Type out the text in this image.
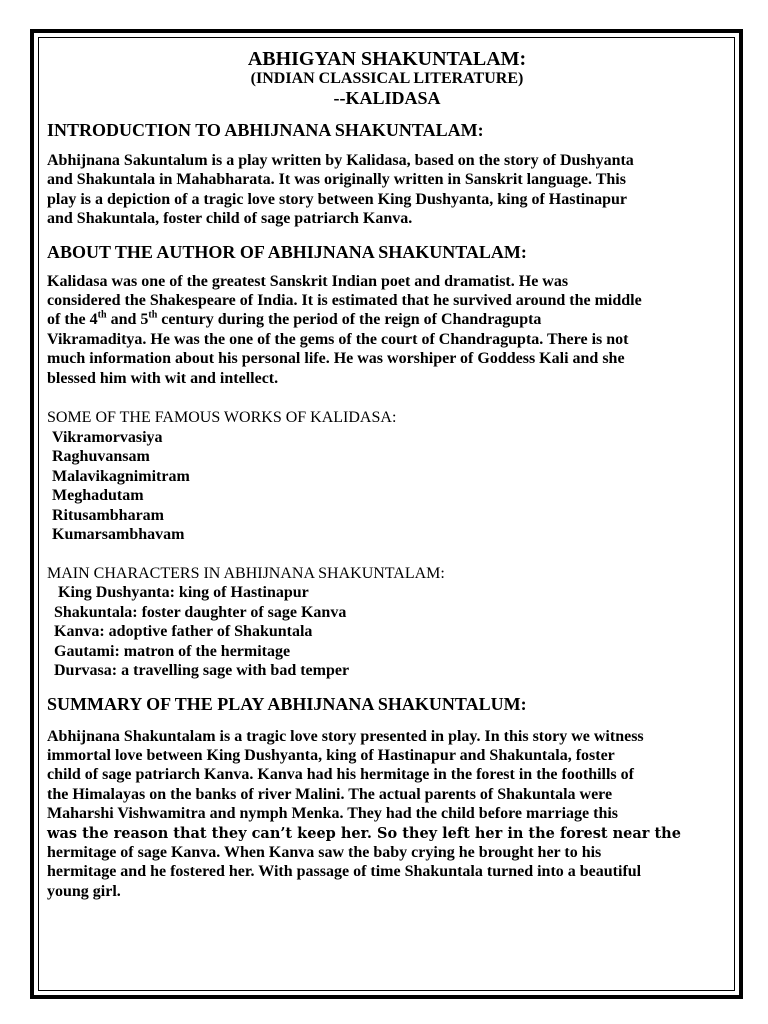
ABHIGYAN SHAKUNTALAM:
(INDIAN CLASSICAL LITERATURE)
--KALIDASA
INTRODUCTION TO ABHIJNANA SHAKUNTALAM:

Abhijnana Sakuntalum is a play written by Kalidasa, based on the story of Dushyanta

and Shakuntala in Mahabharata. It was originally written in Sanskrit language. This

play is a depiction of a tragic love story between King Dushyanta, king of Hastinapur

and Shakuntala, foster child of sage patriarch Kanva.

ABOUT THE AUTHOR OF ABHIJNANA SHAKUNTALAM:

Kalidasa was one of the greatest Sanskrit Indian poet and dramatist. He was

considered the Shakespeare of India. It is estimated that he survived around the middle

of the 4th and 5th century during the period of the reign of Chandragupta

Vikramaditya. He was the one of the gems of the court of Chandragupta. There is not

much information about his personal life. He was worshiper of Goddess Kali and she

blessed him with wit and intellect.

SOME OF THE FAMOUS WORKS OF KALIDASA:
Vikramorvasiya
Raghuvansam
Malavikagnimitram
Meghadutam
Ritusambharam
Kumarsambhavam
MAIN CHARACTERS IN ABHIJNANA SHAKUNTALAM:
King Dushyanta: king of Hastinapur
Shakuntala: foster daughter of sage Kanva
Kanva: adoptive father of Shakuntala
Gautami: matron of the hermitage
Durvasa: a travelling sage with bad temper
SUMMARY OF THE PLAY ABHIJNANA SHAKUNTALUM:

Abhijnana Shakuntalam is a tragic love story presented in play. In this story we witness

immortal love between King Dushyanta, king of Hastinapur and Shakuntala, foster

child of sage patriarch Kanva. Kanva had his hermitage in the forest in the foothills of

the Himalayas on the banks of river Malini. The actual parents of Shakuntala were

Maharshi Vishwamitra and nymph Menka. They had the child before marriage this

was the reason that they can’t keep her. So they left her in the forest near the

hermitage of sage Kanva. When Kanva saw the baby crying he brought her to his

hermitage and he fostered her. With passage of time Shakuntala turned into a beautiful

young girl.
